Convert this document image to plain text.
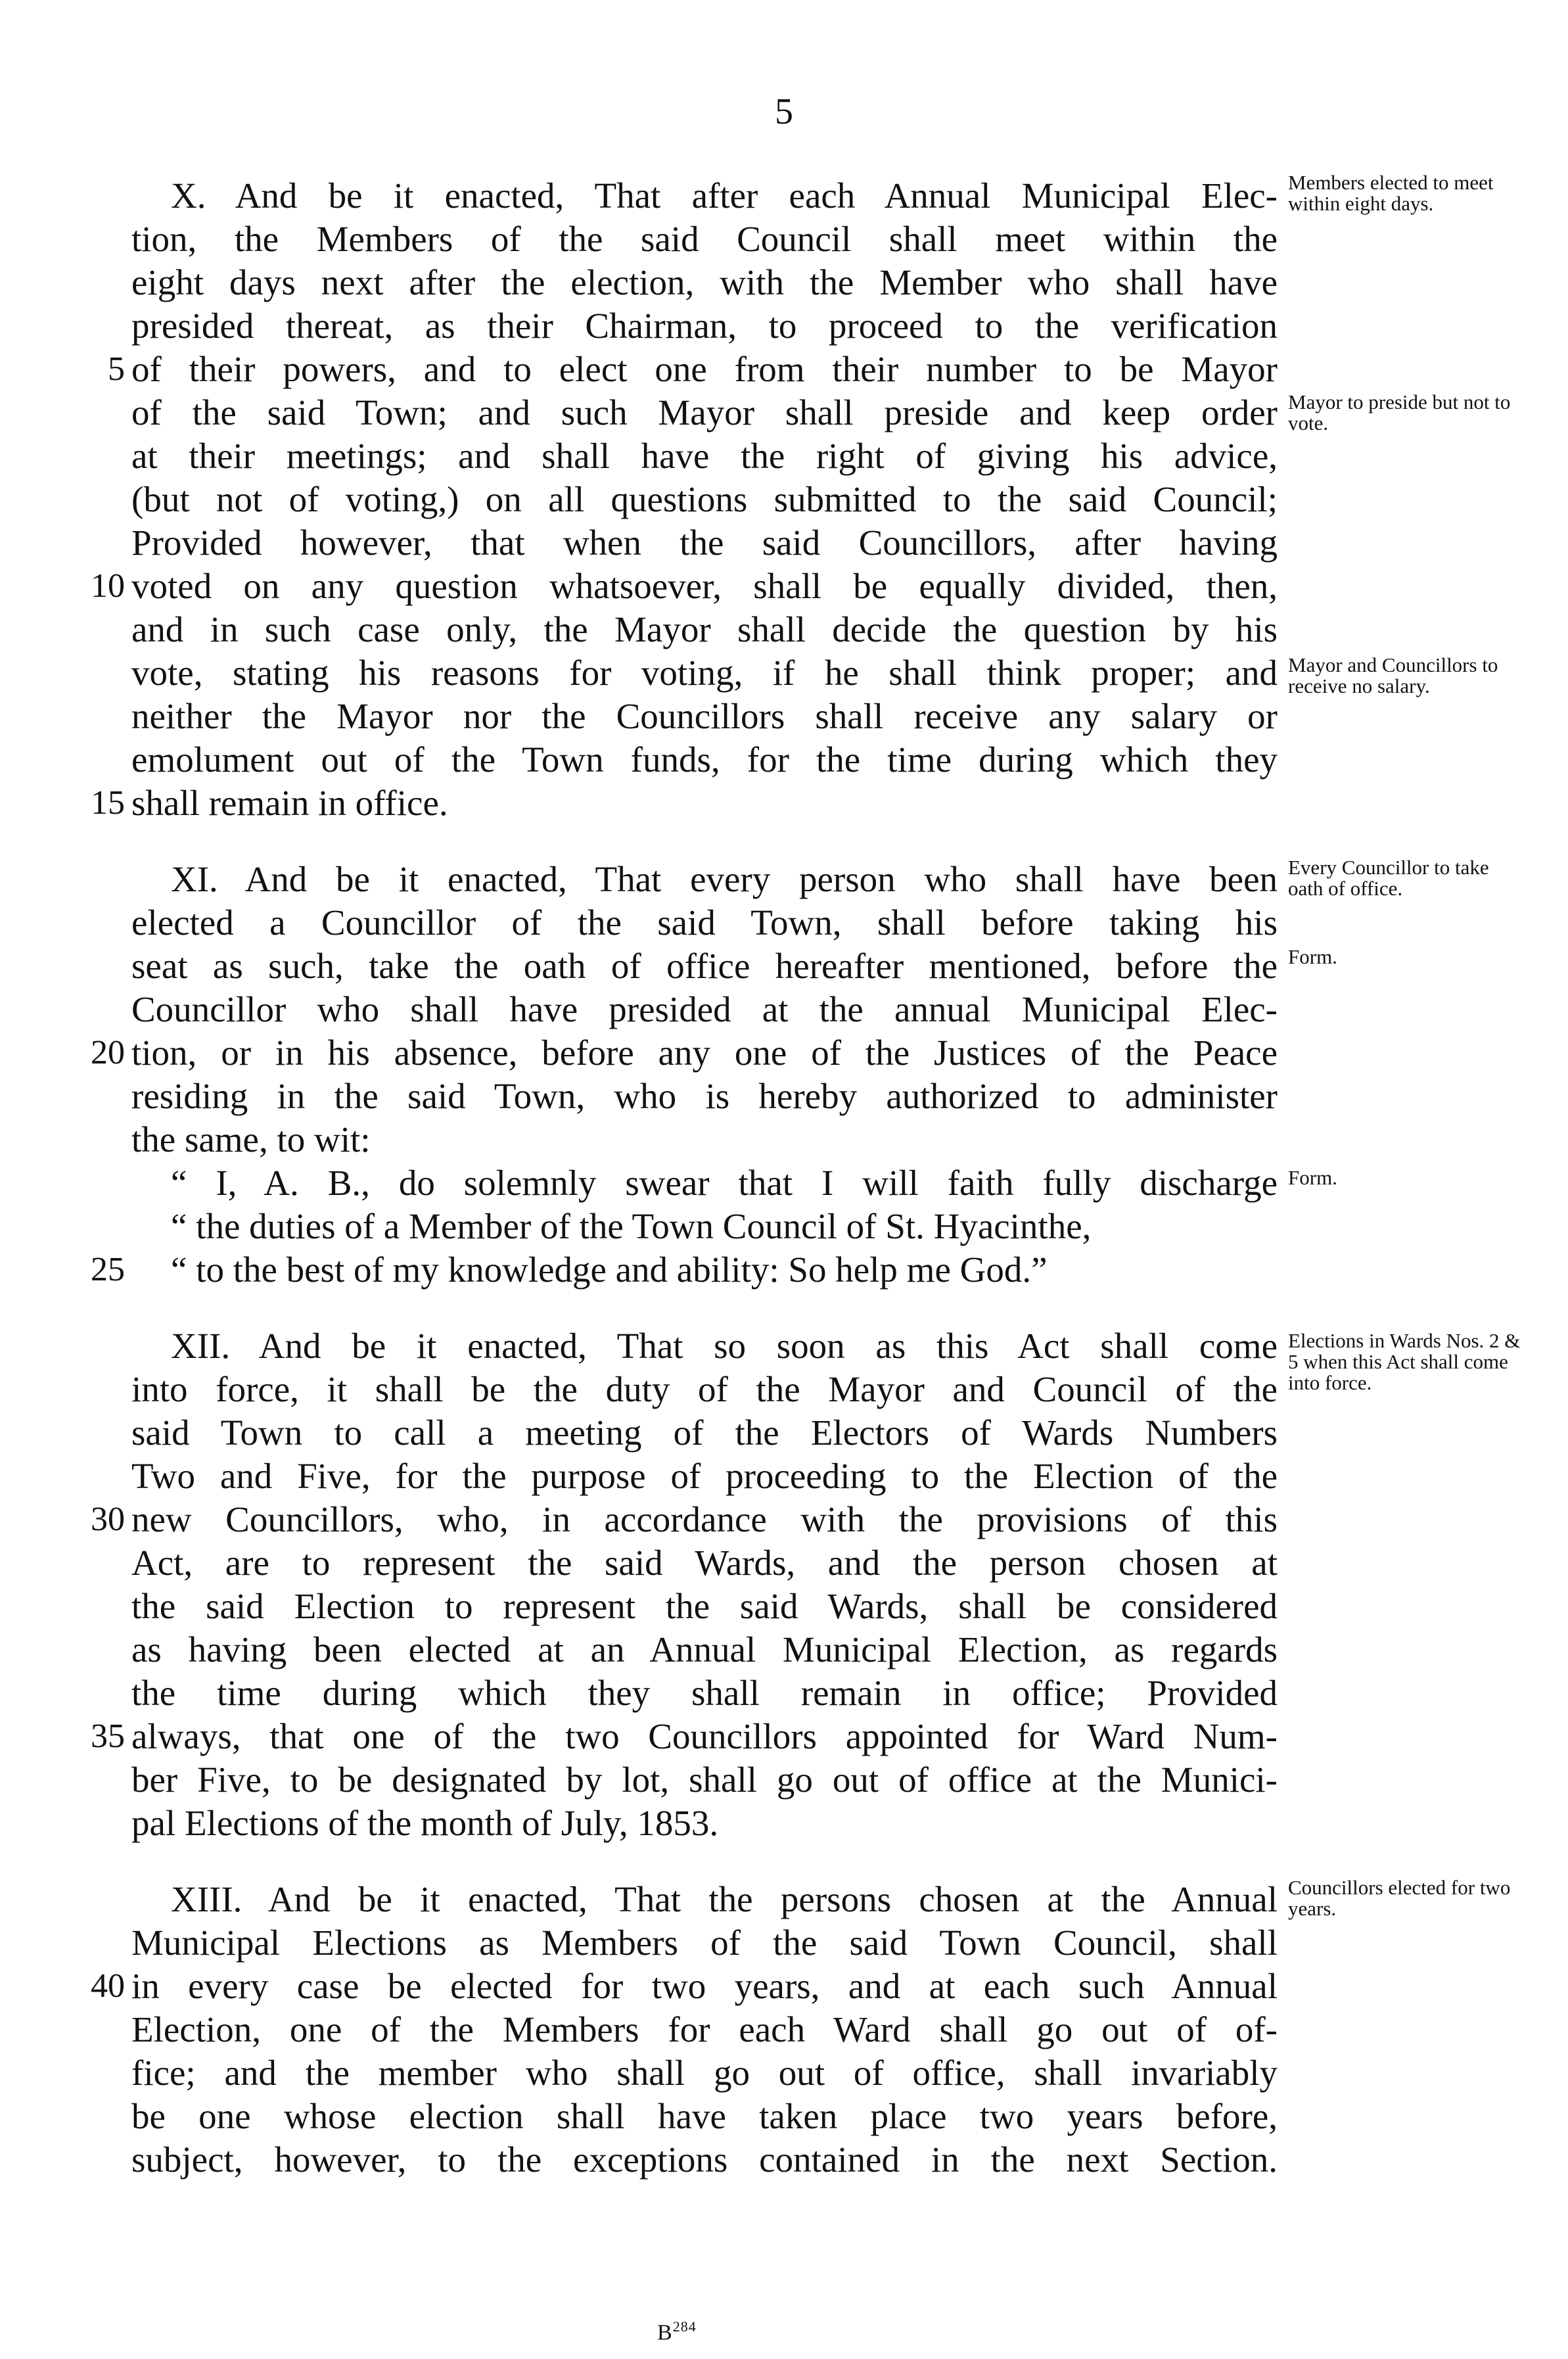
5
X. And be it enacted, That after each Annual Municipal Elec-
tion, the Members of the said Council shall meet within the
eight days next after the election, with the Member who shall have
presided thereat, as their Chairman, to proceed to the verification
of their powers, and to elect one from their number to be Mayor
5
of the said Town; and such Mayor shall preside and keep order
at their meetings; and shall have the right of giving his advice,
(but not of voting,) on all questions submitted to the said Council;
Provided however, that when the said Councillors, after having
voted on any question whatsoever, shall be equally divided, then,
10
and in such case only, the Mayor shall decide the question by his
vote, stating his reasons for voting, if he shall think proper; and
neither the Mayor nor the Councillors shall receive any salary or
emolument out of the Town funds, for the time during which they
shall remain in office.
15
XI. And be it enacted, That every person who shall have been
elected a Councillor of the said Town, shall before taking his
seat as such, take the oath of office hereafter mentioned, before the
Councillor who shall have presided at the annual Municipal Elec-
tion, or in his absence, before any one of the Justices of the Peace
20
residing in the said Town, who is hereby authorized to administer
the same, to wit:
“ I, A. B., do solemnly swear that I will faith fully discharge
“ the duties of a Member of the Town Council of St. Hyacinthe,
“ to the best of my knowledge and ability: So help me God.”
25
XII. And be it enacted, That so soon as this Act shall come
into force, it shall be the duty of the Mayor and Council of the
said Town to call a meeting of the Electors of Wards Numbers
Two and Five, for the purpose of proceeding to the Election of the
new Councillors, who, in accordance with the provisions of this
30
Act, are to represent the said Wards, and the person chosen at
the said Election to represent the said Wards, shall be considered
as having been elected at an Annual Municipal Election, as regards
the time during which they shall remain in office; Provided
always, that one of the two Councillors appointed for Ward Num-
35
ber Five, to be designated by lot, shall go out of office at the Munici-
pal Elections of the month of July, 1853.
XIII. And be it enacted, That the persons chosen at the Annual
Municipal Elections as Members of the said Town Council, shall
in every case be elected for two years, and at each such Annual
40
Election, one of the Members for each Ward shall go out of of-
fice; and the member who shall go out of office, shall invariably
be one whose election shall have taken place two years before,
subject, however, to the exceptions contained in the next Section.
Members elected to meet within eight days.
Mayor to preside but not to vote.
Mayor and Councillors to receive no salary.
Every Councillor to take oath of office.
Form.
Form.
Elections in Wards Nos. 2 & 5 when this Act shall come into force.
Councillors elected for two years.
$B^{284}$
